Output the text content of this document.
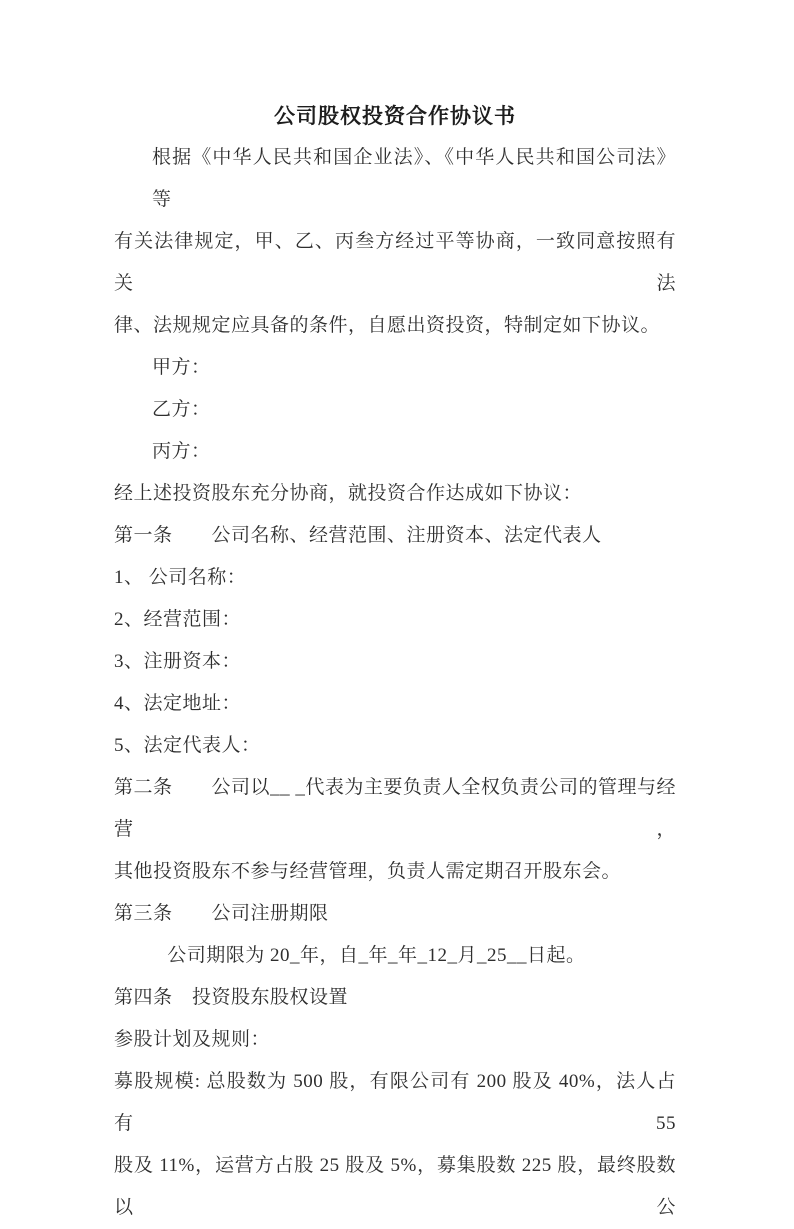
公司股权投资合作协议书
根据《中华人民共和国企业法》、《中华人民共和国公司法》等
有关法律规定，甲、乙、丙叁方经过平等协商，一致同意按照有关法
律、法规规定应具备的条件，自愿出资投资，特制定如下协议。
甲方：
乙方：
丙方：
经上述投资股东充分协商，就投资合作达成如下协议：
第一条　　公司名称、经营范围、注册资本、法定代表人
1、 公司名称：
2、经营范围：
3、注册资本：
4、法定地址：
5、法定代表人：
第二条　　公司以__ _代表为主要负责人全权负责公司的管理与经营，
其他投资股东不参与经营管理，负责人需定期召开股东会。
第三条　　公司注册期限
公司期限为 20_年，自_年_年_12_月_25__日起。
第四条　投资股东股权设置
参股计划及规则：
募股规模: 总股数为 500 股，有限公司有 200 股及 40%，法人占有 55
股及 11%，运营方占股 25 股及 5%，募集股数 225 股，最终股数以公
